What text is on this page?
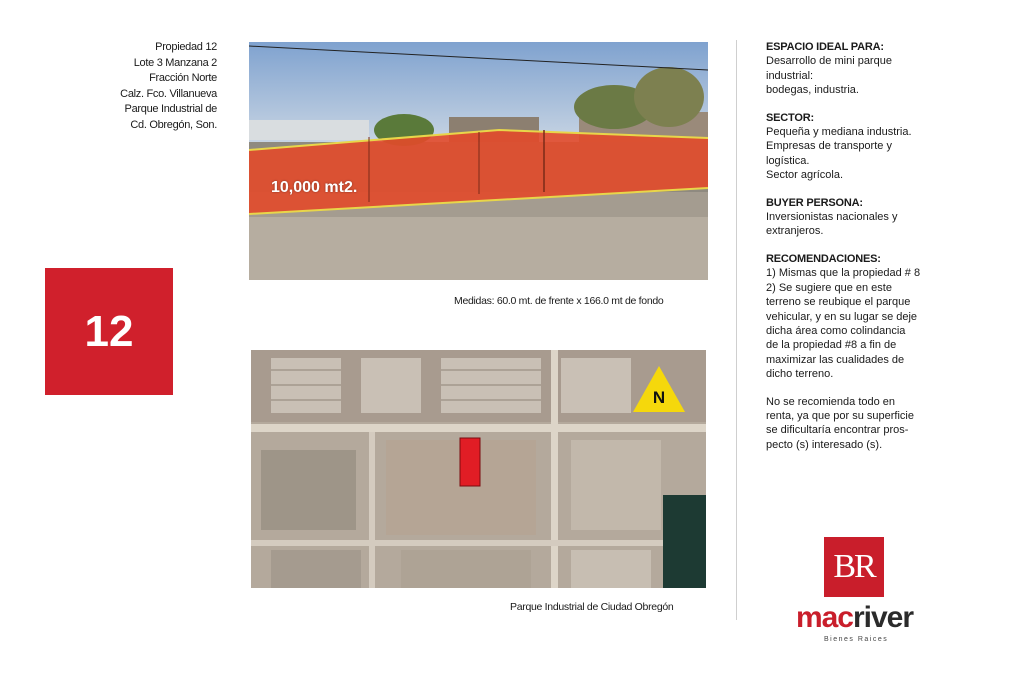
Propiedad 12
Lote 3 Manzana 2
Fracción Norte
Calz. Fco. Villanueva
Parque Industrial de
Cd. Obregón, Son.
12
10,000 mt2.
Medidas: 60.0 mt. de frente x 166.0 mt de fondo
N
Parque Industrial de Ciudad Obregón
ESPACIO IDEAL PARA:

Desarrollo de mini parque

industrial:

bodegas, industria.

SECTOR:

Pequeña y mediana industria.

Empresas de transporte y

logística.

Sector agrícola.

BUYER PERSONA:

Inversionistas nacionales y

extranjeros.

RECOMENDACIONES:

1) Mismas que la propiedad # 8

2) Se sugiere que en este

terreno se reubique el parque

vehicular, y en su lugar se deje

dicha área como colindancia

de la propiedad #8 a fin de

maximizar las cualidades de

dicho terreno.

No se recomienda todo en

renta, ya que por su superficie

se dificultaría encontrar pros-

pecto (s) interesado (s).

BR
macriver
Bienes Raices
